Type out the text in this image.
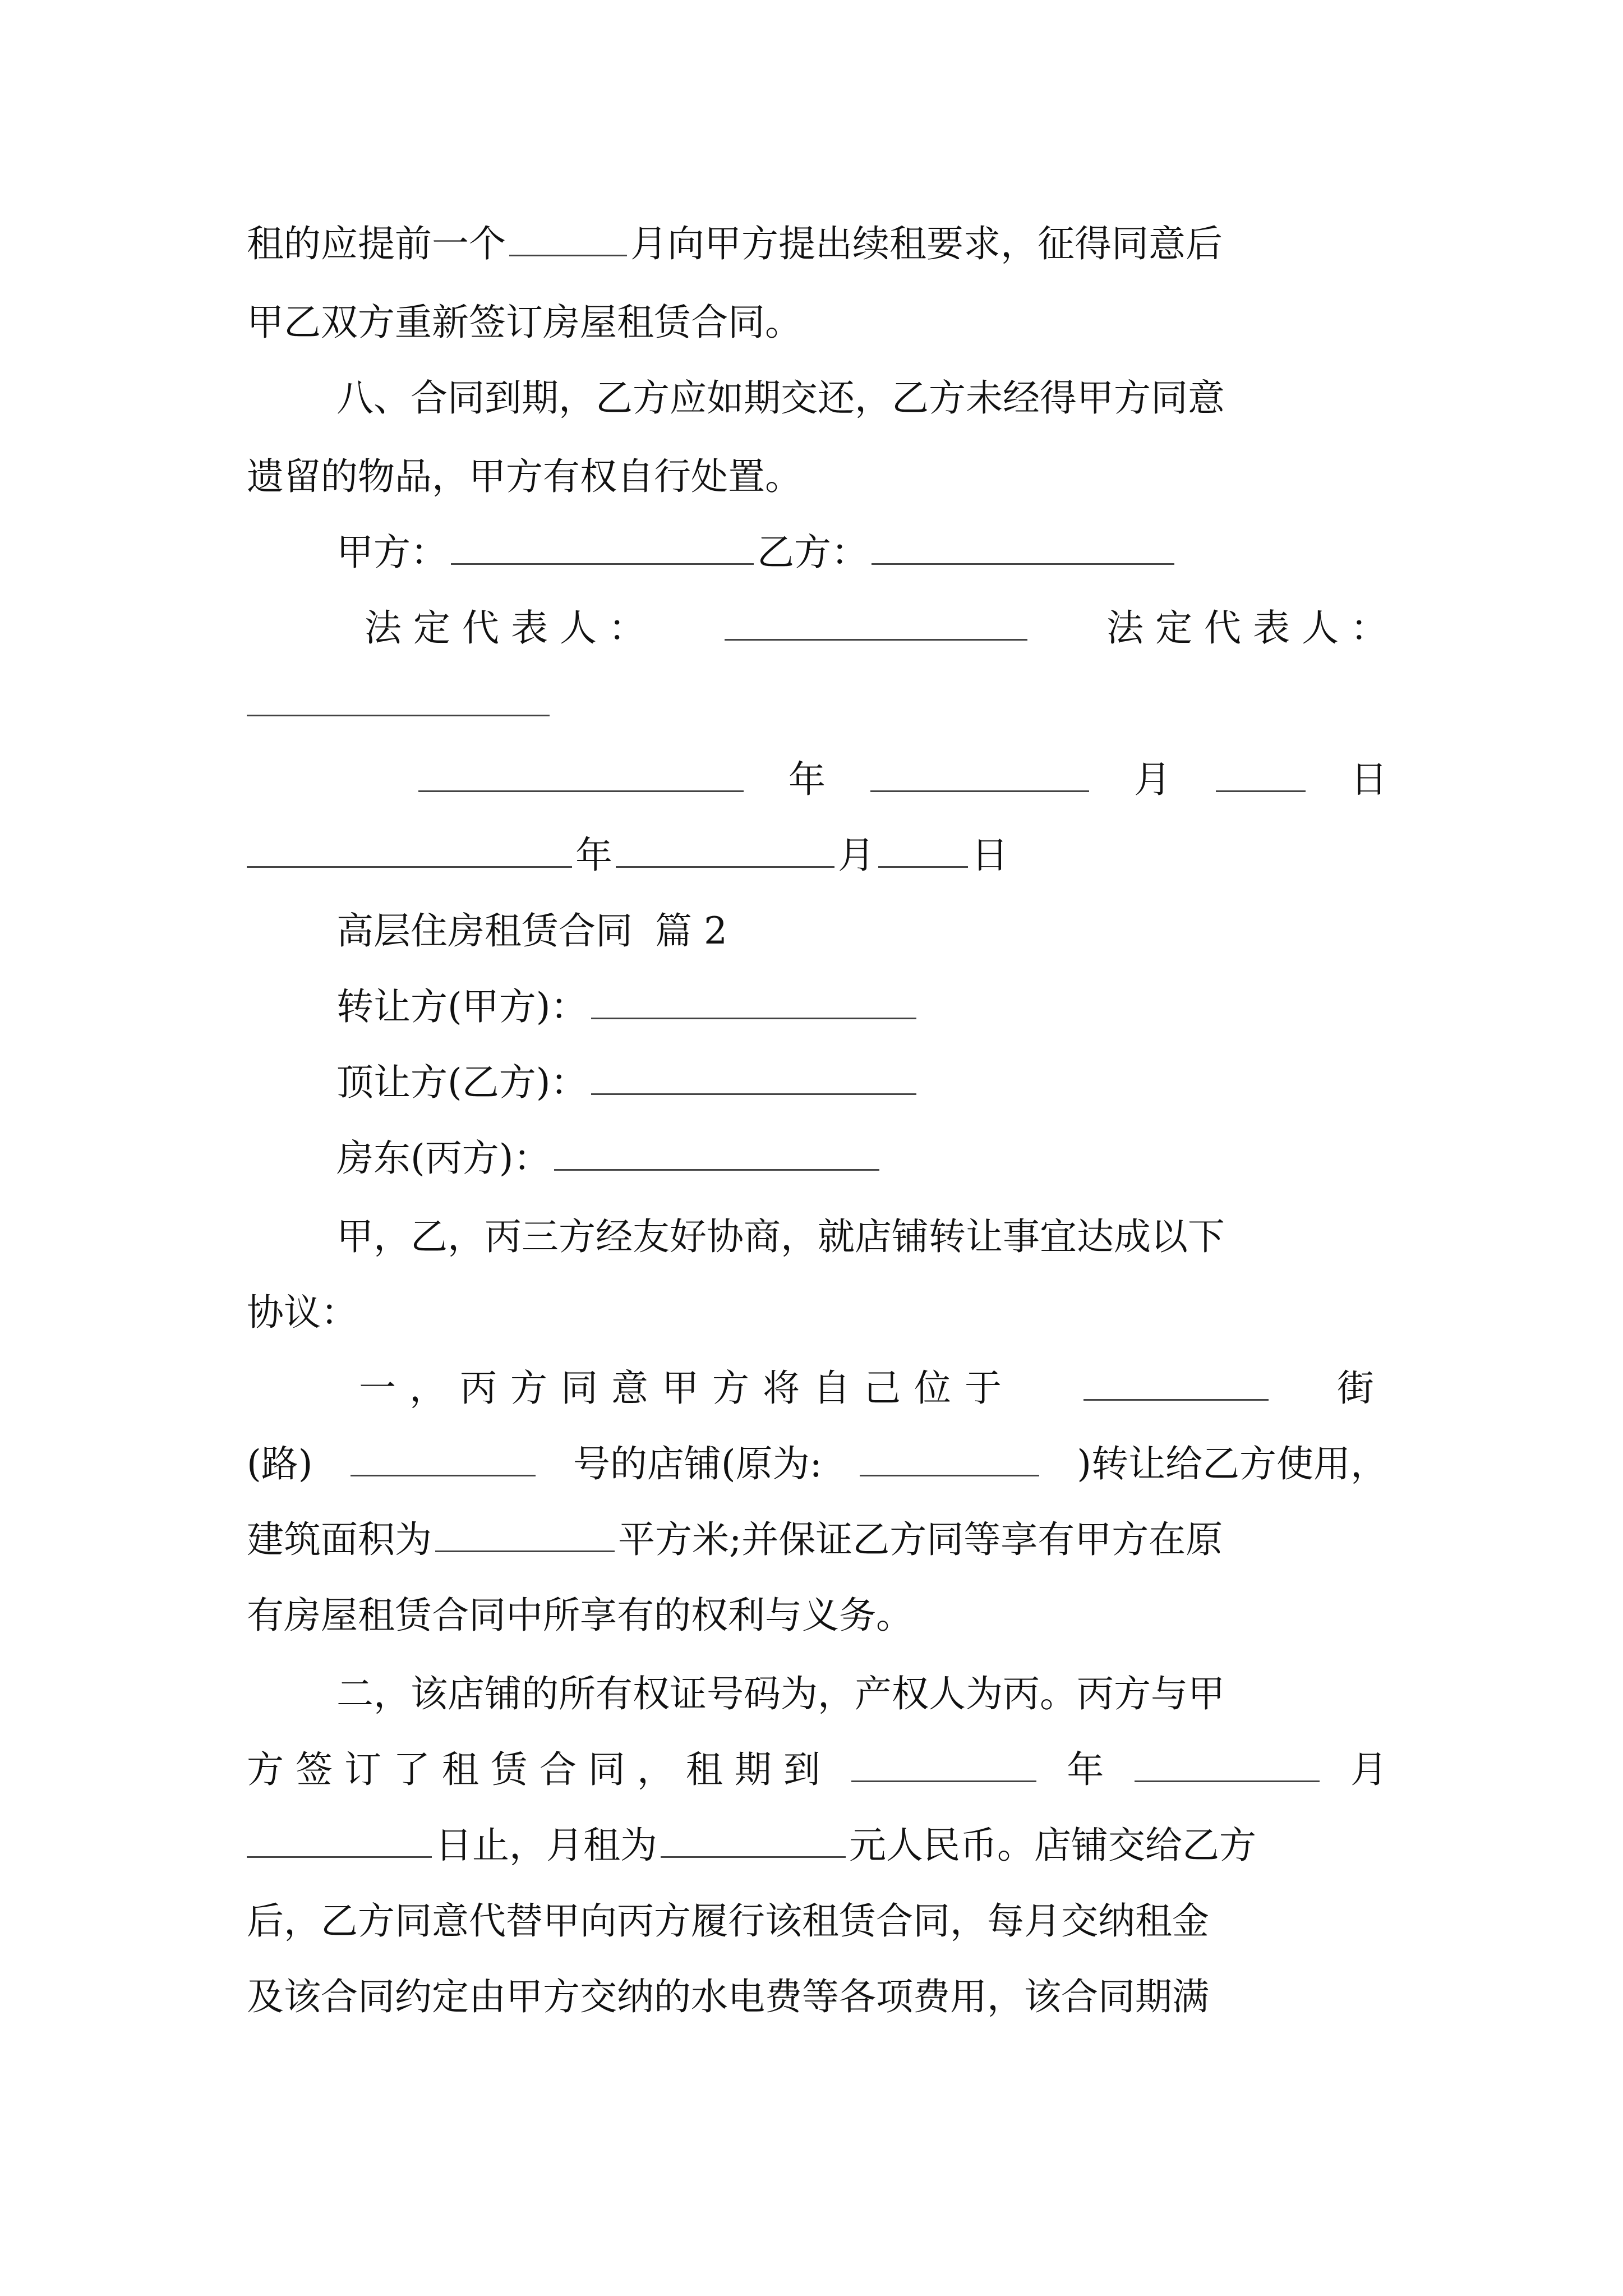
租的应提前一个	月向甲方提出续租要求，征得同意后
甲乙双方重新签订房屋租赁合同。
八、合同到期，乙方应如期交还，乙方未经得甲方同意
遗留的物品，甲方有权自行处置。
甲方：	乙方：
法 定 代 表 人 ：	法 定 代 表 人 ：
年	月	日
年	月	日
高层住房租赁合同 篇 2
转让方(甲方)：
顶让方(乙方)：
房东(丙方)：
甲，乙，丙三方经友好协商，就店铺转让事宜达成以下
协议：
一，丙方同意甲方将自己位于	街
(路)	号的店铺(原为:	)转让给乙方使用，
建筑面积为	平方米;并保证乙方同等享有甲方在原
有房屋租赁合同中所享有的权利与义务。
二，该店铺的所有权证号码为，产权人为丙。丙方与甲
方 签 订 了 租 赁 合 同 ， 租 期 到	年	月
日止，月租为	元人民币。店铺交给乙方
后，乙方同意代替甲向丙方履行该租赁合同，每月交纳租金
及该合同约定由甲方交纳的水电费等各项费用，该合同期满
